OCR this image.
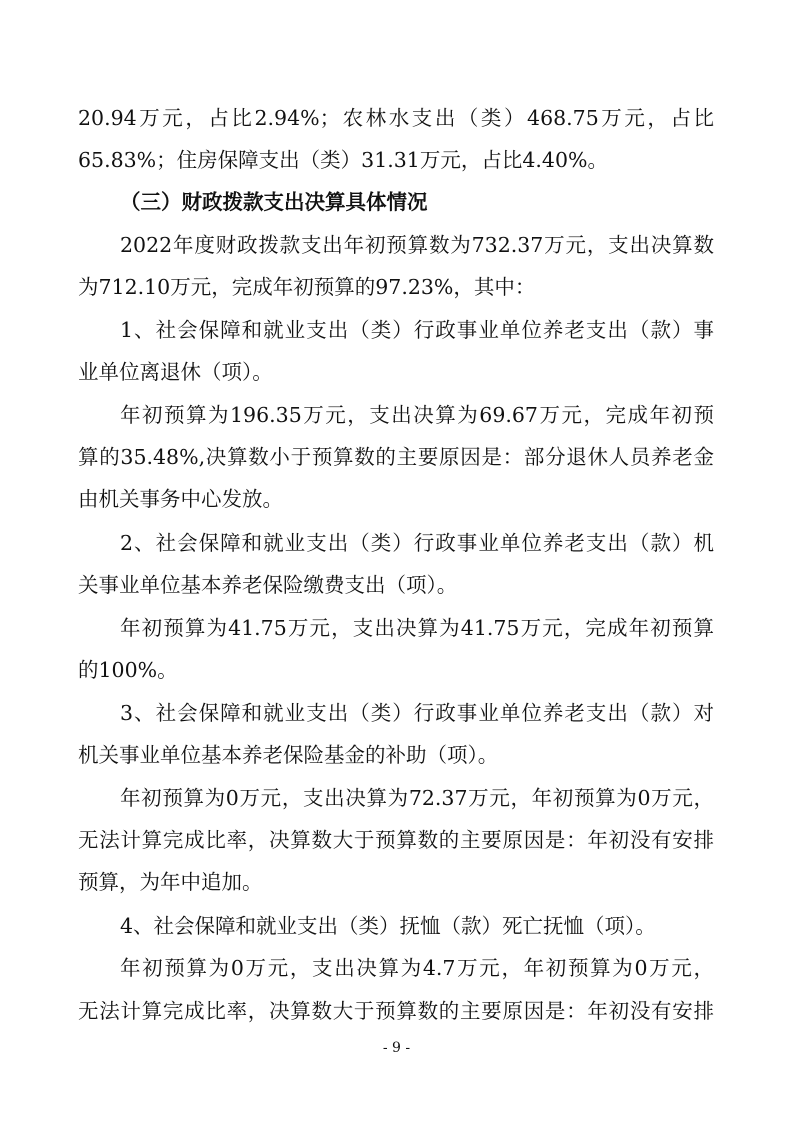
20.94万元，占比2.94%；农林水支出（类）468.75万元，占比
65.83%；住房保障支出（类）31.31万元，占比4.40%。
（三）财政拨款支出决算具体情况
2022年度财政拨款支出年初预算数为732.37万元，支出决算数
为712.10万元，完成年初预算的97.23%，其中：
1、社会保障和就业支出（类）行政事业单位养老支出（款）事
业单位离退休（项）。
年初预算为196.35万元，支出决算为69.67万元，完成年初预
算的35.48%,决算数小于预算数的主要原因是：部分退休人员养老金
由机关事务中心发放。
2、社会保障和就业支出（类）行政事业单位养老支出（款）机
关事业单位基本养老保险缴费支出（项）。
年初预算为41.75万元，支出决算为41.75万元，完成年初预算
的100%。
3、社会保障和就业支出（类）行政事业单位养老支出（款）对
机关事业单位基本养老保险基金的补助（项）。
年初预算为0万元，支出决算为72.37万元，年初预算为0万元，
无法计算完成比率，决算数大于预算数的主要原因是：年初没有安排
预算，为年中追加。
4、社会保障和就业支出（类）抚恤（款）死亡抚恤（项）。
年初预算为0万元，支出决算为4.7万元，年初预算为0万元，
无法计算完成比率，决算数大于预算数的主要原因是：年初没有安排
- 9 -
